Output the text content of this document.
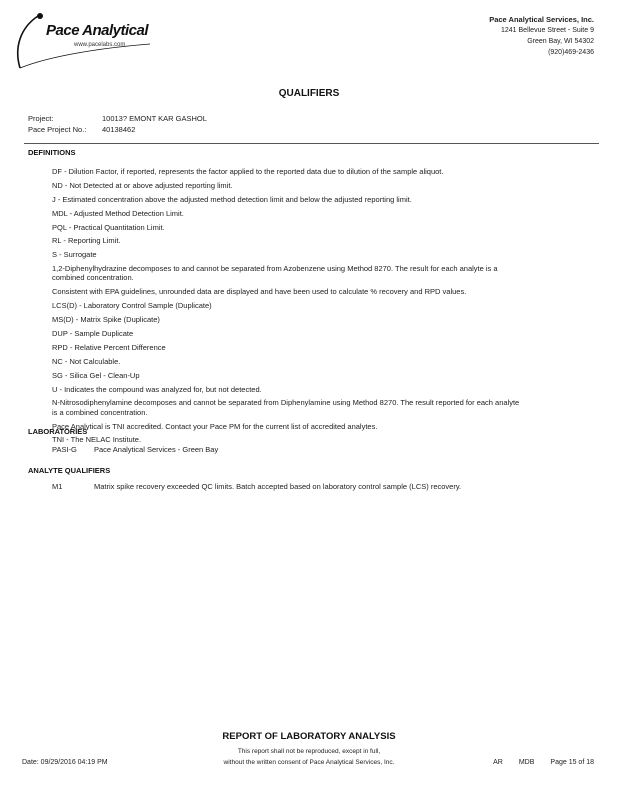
Pace Analytical
www.pacelabs.com
Pace Analytical Services, Inc.
1241 Bellevue Street - Suite 9
Green Bay, WI 54302
(920)469-2436
QUALIFIERS
Project:	10013? EMONT KAR GASHOL
Pace Project No.:	40138462
DEFINITIONS
DF - Dilution Factor, if reported, represents the factor applied to the reported data due to dilution of the sample aliquot.
ND - Not Detected at or above adjusted reporting limit.
J - Estimated concentration above the adjusted method detection limit and below the adjusted reporting limit.
MDL - Adjusted Method Detection Limit.
PQL - Practical Quantitation Limit.
RL - Reporting Limit.
S - Surrogate
1,2-Diphenylhydrazine decomposes to and cannot be separated from Azobenzene using Method 8270. The result for each analyte is a combined concentration.
Consistent with EPA guidelines, unrounded data are displayed and have been used to calculate % recovery and RPD values.
LCS(D) - Laboratory Control Sample (Duplicate)
MS(D) - Matrix Spike (Duplicate)
DUP - Sample Duplicate
RPD - Relative Percent Difference
NC - Not Calculable.
SG - Silica Gel - Clean-Up
U - Indicates the compound was analyzed for, but not detected.
N-Nitrosodiphenylamine decomposes and cannot be separated from Diphenylamine using Method 8270. The result reported for each analyte is a combined concentration.
Pace Analytical is TNI accredited. Contact your Pace PM for the current list of accredited analytes.
TNI - The NELAC Institute.
LABORATORIES
PASI-G	Pace Analytical Services - Green Bay
ANALYTE QUALIFIERS
M1	Matrix spike recovery exceeded QC limits. Batch accepted based on laboratory control sample (LCS) recovery.
REPORT OF LABORATORY ANALYSIS
This report shall not be reproduced, except in full,
without the written consent of Pace Analytical Services, Inc.
Date: 09/29/2016 04:19 PM	AR MDB Page 15 of 18
